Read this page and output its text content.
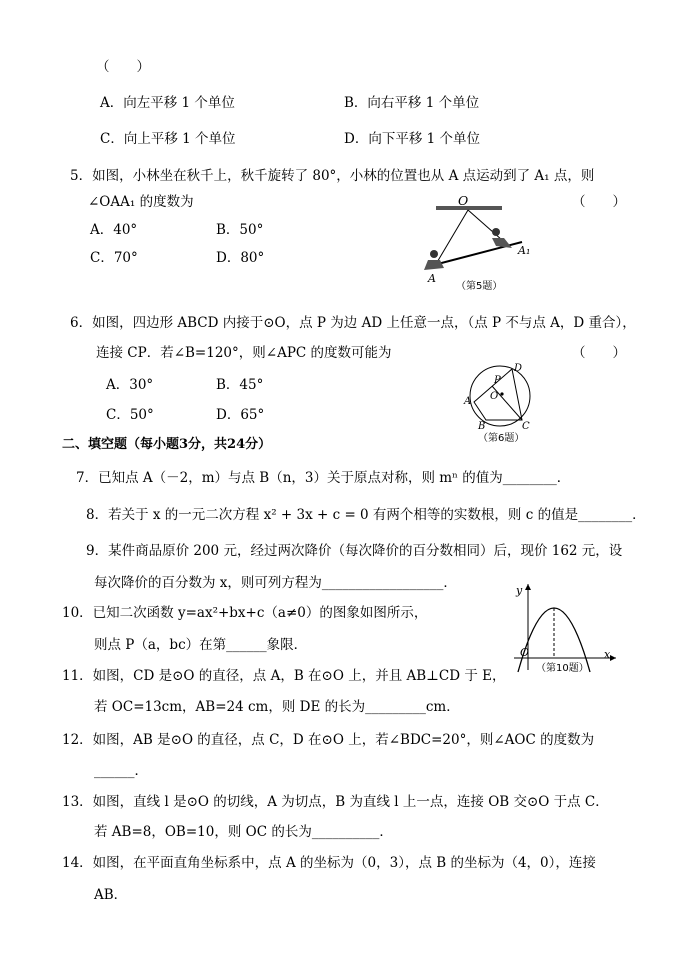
（　　）
A．向左平移 1 个单位	B．向右平移 1 个单位
C．向上平移 1 个单位	D．向下平移 1 个单位
5．如图，小林坐在秋千上，秋千旋转了 80°，小林的位置也从 A 点运动到了 A₁ 点，则
∠OAA₁ 的度数为	（　　）
A．40°	B．50°
C．70°	D．80°
O
A
A₁
（第5题）
6．如图，四边形 ABCD 内接于⊙O，点 P 为边 AD 上任意一点，（点 P 不与点 A，D 重合），
连接 CP．若∠B=120°，则∠APC 的度数可能为	（　　）
A．30°	B．45°
C．50°	D．65°
P
D
O
A
B	C
（第6题）
二、填空题（每小题3分，共24分）
7．已知点 A（－2，m）与点 B（n，3）关于原点对称，则 mⁿ 的值为________．
8．若关于 x 的一元二次方程 x² + 3x + c = 0 有两个相等的实数根，则 c 的值是________．
9．某件商品原价 200 元，经过两次降价（每次降价的百分数相同）后，现价 162 元，设
每次降价的百分数为 x，则可列方程为__________________．
10．已知二次函数 y=ax²+bx+c（a≠0）的图象如图所示，
则点 P（a，bc）在第______象限．
11．如图，CD 是⊙O 的直径，点 A，B 在⊙O 上，并且 AB⊥CD 于 E，
若 OC=13cm，AB=24 cm，则 DE 的长为_________cm．
12．如图，AB 是⊙O 的直径，点 C，D 在⊙O 上，若∠BDC=20°，则∠AOC 的度数为
______．
13．如图，直线 l 是⊙O 的切线，A 为切点，B 为直线 l 上一点，连接 OB 交⊙O 于点 C．
若 AB=8，OB=10，则 OC 的长为__________．
14．如图，在平面直角坐标系中，点 A 的坐标为（0，3），点 B 的坐标为（4，0），连接
AB．
y
O	x
（第10题）
